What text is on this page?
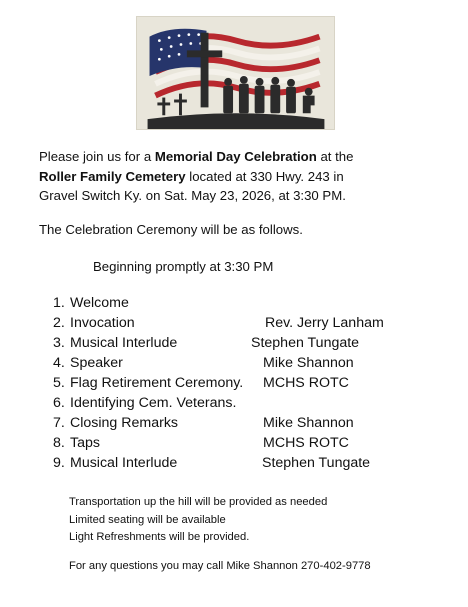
Please join us for a Memorial Day Celebration at the
Roller Family Cemetery located at 330 Hwy. 243 in
Gravel Switch Ky. on Sat. May 23, 2026, at 3:30 PM.
The Celebration Ceremony will be as follows.
Beginning promptly at 3:30 PM
1. Welcome
2. Invocation	Rev. Jerry Lanham
3. Musical Interlude	Stephen Tungate
4. Speaker	Mike Shannon
5. Flag Retirement Ceremony. MCHS ROTC
6. Identifying Cem. Veterans.
7. Closing Remarks	Mike Shannon
8. Taps	MCHS ROTC
9. Musical Interlude	Stephen Tungate
Transportation up the hill will be provided as needed
Limited seating will be available
Light Refreshments will be provided.
For any questions you may call Mike Shannon 270-402-9778
